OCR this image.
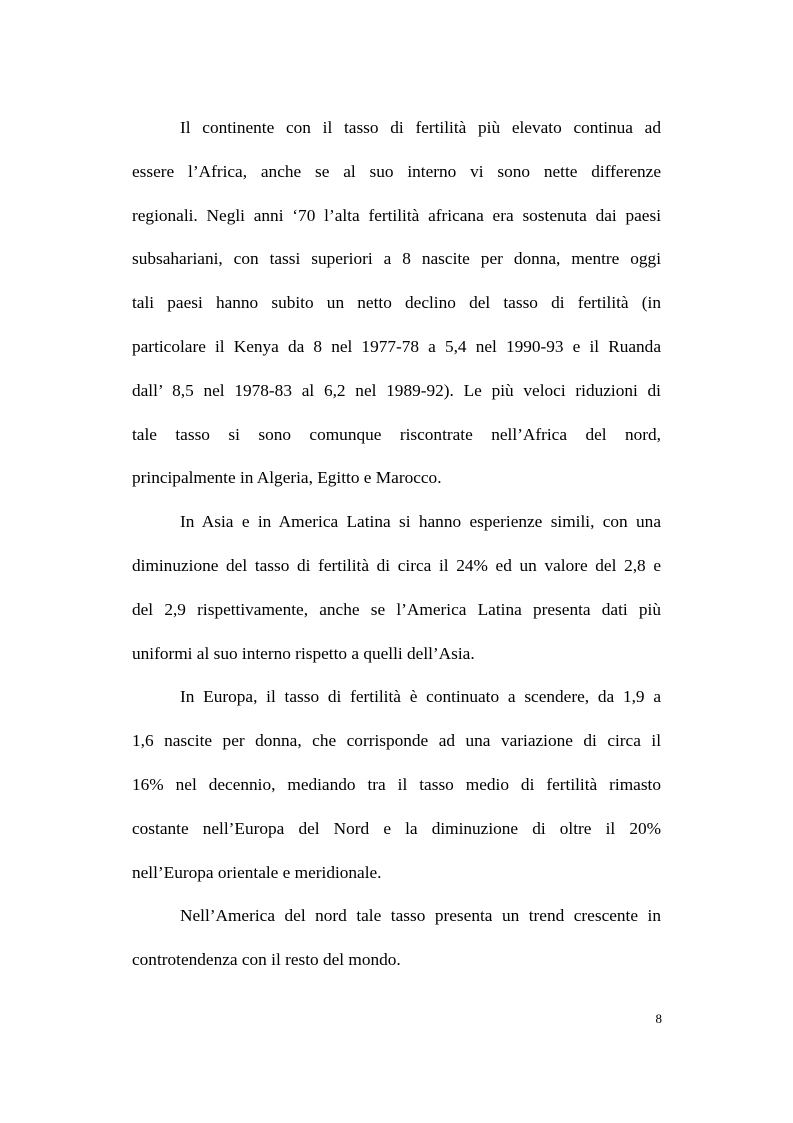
Il continente con il tasso di fertilità più elevato continua ad
essere l’Africa, anche se al suo interno vi sono nette differenze
regionali. Negli anni ‘70 l’alta fertilità africana era sostenuta dai paesi
subsahariani, con tassi superiori a 8 nascite per donna, mentre oggi
tali paesi hanno subito un netto declino del tasso di fertilità (in
particolare il Kenya da 8 nel 1977-78 a 5,4 nel 1990-93 e il Ruanda
dall’ 8,5 nel 1978-83 al 6,2 nel 1989-92). Le più veloci riduzioni di
tale tasso si sono comunque riscontrate nell’Africa del nord,
principalmente in Algeria, Egitto e Marocco.
In Asia e in America Latina si hanno esperienze simili, con una
diminuzione del tasso di fertilità di circa il 24% ed un valore del 2,8 e
del 2,9 rispettivamente, anche se l’America Latina presenta dati più
uniformi al suo interno rispetto a quelli dell’Asia.
In Europa, il tasso di fertilità è continuato a scendere, da 1,9 a
1,6 nascite per donna, che corrisponde ad una variazione di circa il
16% nel decennio, mediando tra il tasso medio di fertilità rimasto
costante nell’Europa del Nord e la diminuzione di oltre il 20%
nell’Europa orientale e meridionale.
Nell’America del nord tale tasso presenta un trend crescente in
controtendenza con il resto del mondo.
8
